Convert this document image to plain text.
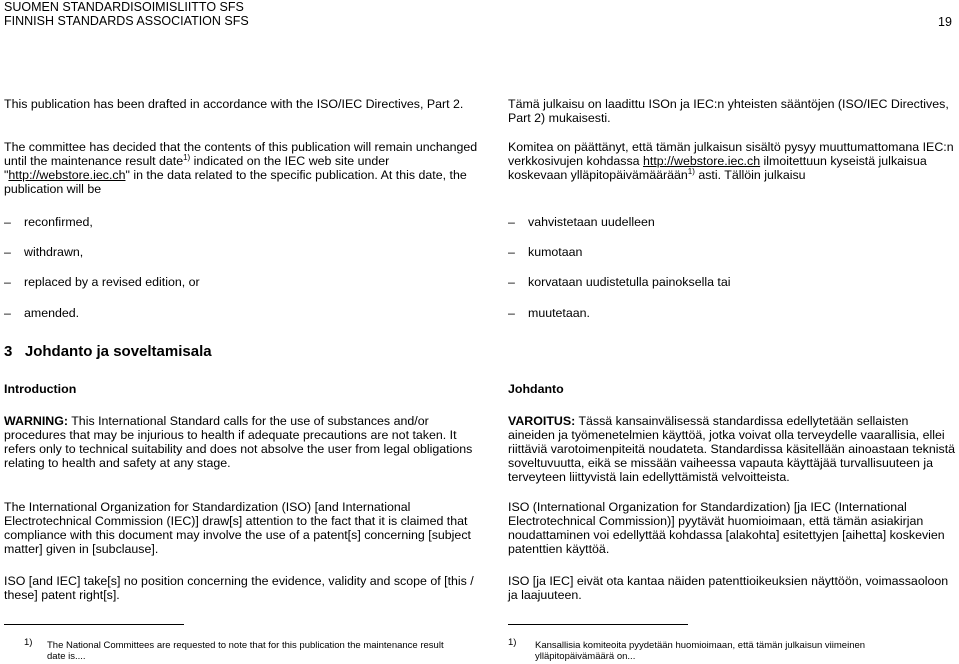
SUOMEN STANDARDISOIMISLIITTO SFS
FINNISH STANDARDS ASSOCIATION SFS	19
This publication has been drafted in accordance with the ISO/IEC Directives, Part 2.
The committee has decided that the contents of this publication will remain unchanged until the maintenance result date$^{1)}$ indicated on the IEC web site under "http://webstore.iec.ch" in the data related to the specific publication. At this date, the publication will be
– reconfirmed,
– withdrawn,
– replaced by a revised edition, or
– amended.
3 Johdanto ja soveltamisala
Introduction
WARNING: This International Standard calls for the use of substances and/or procedures that may be injurious to health if adequate precautions are not taken. It refers only to technical suitability and does not absolve the user from legal obligations relating to health and safety at any stage.
The International Organization for Standardization (ISO) [and International Electrotechnical Commission (IEC)] draw[s] attention to the fact that it is claimed that compliance with this document may involve the use of a patent[s] concerning [subject matter] given in [subclause].
ISO [and IEC] take[s] no position concerning the evidence, validity and scope of [this / these] patent right[s].
1) The National Committees are requested to note that for this publication the maintenance result date is....
Tämä julkaisu on laadittu ISOn ja IEC:n yhteisten sääntöjen (ISO/IEC Directives, Part 2) mukaisesti.
Komitea on päättänyt, että tämän julkaisun sisältö pysyy muuttumattomana IEC:n verkkosivujen kohdassa http://webstore.iec.ch ilmoitettuun kyseistä julkaisua koskevaan ylläpitopäivämäärään$^{1)}$ asti. Tällöin julkaisu
– vahvistetaan uudelleen
– kumotaan
– korvataan uudistetulla painoksella tai
– muutetaan.
Johdanto
VAROITUS: Tässä kansainvälisessä standardissa edellytetään sellaisten aineiden ja työmenetelmien käyttöä, jotka voivat olla terveydelle vaarallisia, ellei riittäviä varotoimenpiteitä noudateta. Standardissa käsitellään ainoastaan teknistä soveltuvuutta, eikä se missään vaiheessa vapauta käyttäjää turvallisuuteen ja terveyteen liittyvistä lain edellyttämistä velvoitteista.
ISO (International Organization for Standardization) [ja IEC (International Electrotechnical Commission)] pyytävät huomioimaan, että tämän asiakirjan noudattaminen voi edellyttää kohdassa [alakohta] esitettyjen [aihetta] koskevien patenttien käyttöä.
ISO [ja IEC] eivät ota kantaa näiden patenttioikeuksien näyttöön, voimassaoloon ja laajuuteen.
1) Kansallisia komiteoita pyydetään huomioimaan, että tämän julkaisun viimeinen ylläpitopäivämäärä on...
